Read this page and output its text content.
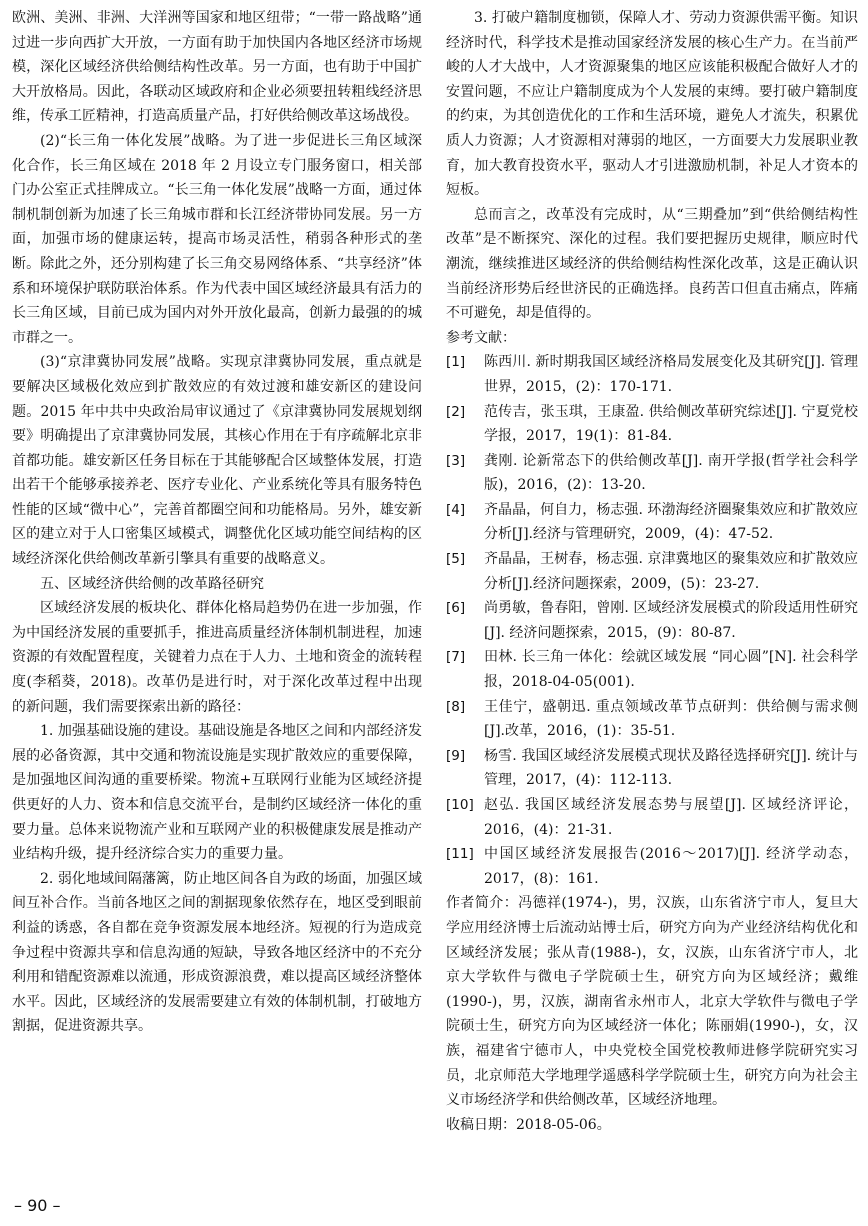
欧洲、美洲、非洲、大洋洲等国家和地区纽带；“一带一路战略”通过进一步向西扩大开放，一方面有助于加快国内各地区经济市场规模，深化区域经济供给侧结构性改革。另一方面，也有助于中国扩大开放格局。因此，各联动区域政府和企业必须要扭转粗线经济思维，传承工匠精神，打造高质量产品，打好供给侧改革这场战役。

(2)“长三角一体化发展”战略。为了进一步促进长三角区域深化合作，长三角区域在 2018 年 2 月设立专门服务窗口，相关部门办公室正式挂牌成立。“长三角一体化发展”战略一方面，通过体制机制创新为加速了长三角城市群和长江经济带协同发展。另一方面，加强市场的健康运转，提高市场灵活性，稍弱各种形式的垄断。除此之外，还分别构建了长三角交易网络体系、“共享经济”体系和环境保护联防联治体系。作为代表中国区域经济最具有活力的长三角区域，目前已成为国内对外开放化最高，创新力最强的的城市群之一。

(3)“京津冀协同发展”战略。实现京津冀协同发展，重点就是要解决区域极化效应到扩散效应的有效过渡和雄安新区的建设问题。2015 年中共中央政治局审议通过了《京津冀协同发展规划纲要》明确提出了京津冀协同发展，其核心作用在于有序疏解北京非首都功能。雄安新区任务目标在于其能够配合区域整体发展，打造出若干个能够承接养老、医疗专业化、产业系统化等具有服务特色性能的区域“微中心”，完善首都圈空间和功能格局。另外，雄安新区的建立对于人口密集区域模式，调整优化区域功能空间结构的区域经济深化供给侧改革新引擎具有重要的战略意义。

五、区域经济供给侧的改革路径研究

区域经济发展的板块化、群体化格局趋势仍在进一步加强，作为中国经济发展的重要抓手，推进高质量经济体制机制进程，加速资源的有效配置程度，关键着力点在于人力、土地和资金的流转程度(李稻葵，2018)。改革仍是进行时，对于深化改革过程中出现的新问题，我们需要探索出新的路径：

1. 加强基础设施的建设。基础设施是各地区之间和内部经济发展的必备资源，其中交通和物流设施是实现扩散效应的重要保障，是加强地区间沟通的重要桥梁。物流+互联网行业能为区域经济提供更好的人力、资本和信息交流平台，是制约区域经济一体化的重要力量。总体来说物流产业和互联网产业的积极健康发展是推动产业结构升级，提升经济综合实力的重要力量。

2. 弱化地域间隔藩篱，防止地区间各自为政的场面，加强区域间互补合作。当前各地区之间的割据现象依然存在，地区受到眼前利益的诱惑，各自都在竞争资源发展本地经济。短视的行为造成竞争过程中资源共享和信息沟通的短缺，导致各地区经济中的不充分利用和错配资源难以流通，形成资源浪费，难以提高区域经济整体水平。因此，区域经济的发展需要建立有效的体制机制，打破地方割据，促进资源共享。

3. 打破户籍制度枷锁，保障人才、劳动力资源供需平衡。知识经济时代，科学技术是推动国家经济发展的核心生产力。在当前严峻的人才大战中，人才资源聚集的地区应该能积极配合做好人才的安置问题，不应让户籍制度成为个人发展的束缚。要打破户籍制度的约束，为其创造优化的工作和生活环境，避免人才流失，积累优质人力资源；人才资源相对薄弱的地区，一方面要大力发展职业教育，加大教育投资水平，驱动人才引进激励机制，补足人才资本的短板。

总而言之，改革没有完成时，从“三期叠加”到“供给侧结构性改革”是不断探究、深化的过程。我们要把握历史规律，顺应时代潮流，继续推进区域经济的供给侧结构性深化改革，这是正确认识当前经济形势后经世济民的正确选择。良药苦口但直击痛点，阵痛不可避免，却是值得的。

参考文献：

[1]	陈西川. 新时期我国区域经济格局发展变化及其研究[J]. 管理世界，2015，(2)：170-171.
[2]	范传吉，张玉琪，王康盈. 供给侧改革研究综述[J]. 宁夏党校学报，2017，19(1)：81-84.
[3]	龚刚. 论新常态下的供给侧改革[J]. 南开学报(哲学社会科学版)，2016，(2)：13-20.
[4]	齐晶晶，何自力，杨志强. 环渤海经济圈聚集效应和扩散效应分析[J].经济与管理研究，2009，(4)：47-52.
[5]	齐晶晶，王树春，杨志强. 京津冀地区的聚集效应和扩散效应分析[J].经济问题探索，2009，(5)：23-27.
[6]	尚勇敏，鲁春阳，曾刚. 区域经济发展模式的阶段适用性研究[J]. 经济问题探索，2015，(9)：80-87.
[7]	田林. 长三角一体化：绘就区域发展 “同心圆”[N]. 社会科学报，2018-04-05(001).
[8]	王佳宁，盛朝迅. 重点领域改革节点研判：供给侧与需求侧[J].改革，2016，(1)：35-51.
[9]	杨雪. 我国区域经济发展模式现状及路径选择研究[J]. 统计与管理，2017，(4)：112-113.
[10] 赵弘. 我国区域经济发展态势与展望[J]. 区域经济评论，2016，(4)：21-31.
[11] 中国区域经济发展报告(2016～2017)[J]. 经济学动态，2017，(8)：161.

作者简介：冯德祥(1974-)，男，汉族，山东省济宁市人，复旦大学应用经济博士后流动站博士后，研究方向为产业经济结构优化和区域经济发展；张从青(1988-)，女，汉族，山东省济宁市人，北京大学软件与微电子学院硕士生，研究方向为区域经济；戴维(1990-)，男，汉族，湖南省永州市人，北京大学软件与微电子学院硕士生，研究方向为区域经济一体化；陈丽娟(1990-)，女，汉族，福建省宁德市人，中央党校全国党校教师进修学院研究实习员，北京师范大学地理学遥感科学学院硕士生，研究方向为社会主义市场经济学和供给侧改革，区域经济地理。

收稿日期：2018-05-06。

– 90 –
